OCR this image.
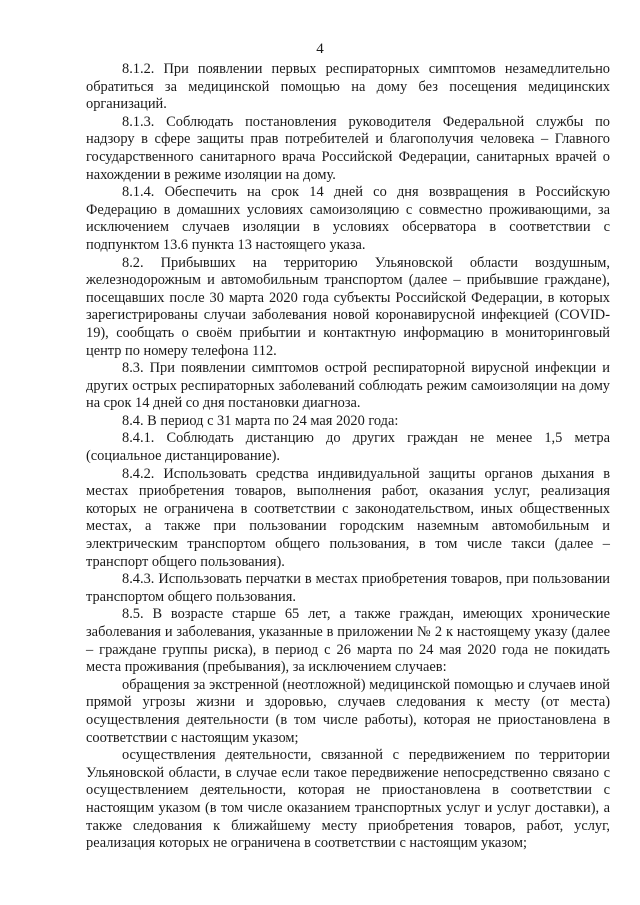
4

8.1.2. При появлении первых респираторных симптомов незамедлительно обратиться за медицинской помощью на дому без посещения медицинских организаций.

8.1.3. Соблюдать постановления руководителя Федеральной службы по надзору в сфере защиты прав потребителей и благополучия человека – Главного государственного санитарного врача Российской Федерации, санитарных врачей о нахождении в режиме изоляции на дому.

8.1.4. Обеспечить на срок 14 дней со дня возвращения в Российскую Федерацию в домашних условиях самоизоляцию с совместно проживающими, за исключением случаев изоляции в условиях обсерватора в соответствии с подпунктом 13.6 пункта 13 настоящего указа.

8.2. Прибывших на территорию Ульяновской области воздушным, железнодорожным и автомобильным транспортом (далее – прибывшие граждане), посещавших после 30 марта 2020 года субъекты Российской Федерации, в которых зарегистрированы случаи заболевания новой коронавирусной инфекцией (COVID-19), сообщать о своём прибытии и контактную информацию в мониторинговый центр по номеру телефона 112.

8.3. При появлении симптомов острой респираторной вирусной инфекции и других острых респираторных заболеваний соблюдать режим самоизоляции на дому на срок 14 дней со дня постановки диагноза.

8.4. В период с 31 марта по 24 мая 2020 года:

8.4.1. Соблюдать дистанцию до других граждан не менее 1,5 метра (социальное дистанцирование).

8.4.2. Использовать средства индивидуальной защиты органов дыхания в местах приобретения товаров, выполнения работ, оказания услуг, реализация которых не ограничена в соответствии с законодательством, иных общественных местах, а также при пользовании городским наземным автомобильным и электрическим транспортом общего пользования, в том числе такси (далее – транспорт общего пользования).

8.4.3. Использовать перчатки в местах приобретения товаров, при пользовании транспортом общего пользования.

8.5. В возрасте старше 65 лет, а также граждан, имеющих хронические заболевания и заболевания, указанные в приложении № 2 к настоящему указу (далее – граждане группы риска), в период с 26 марта по 24 мая 2020 года не покидать места проживания (пребывания), за исключением случаев:

обращения за экстренной (неотложной) медицинской помощью и случаев иной прямой угрозы жизни и здоровью, случаев следования к месту (от места) осуществления деятельности (в том числе работы), которая не приостановлена в соответствии с настоящим указом;

осуществления деятельности, связанной с передвижением по территории Ульяновской области, в случае если такое передвижение непосредственно связано с осуществлением деятельности, которая не приостановлена в соответствии с настоящим указом (в том числе оказанием транспортных услуг и услуг доставки), а также следования к ближайшему месту приобретения товаров, работ, услуг, реализация которых не ограничена в соответствии с настоящим указом;
